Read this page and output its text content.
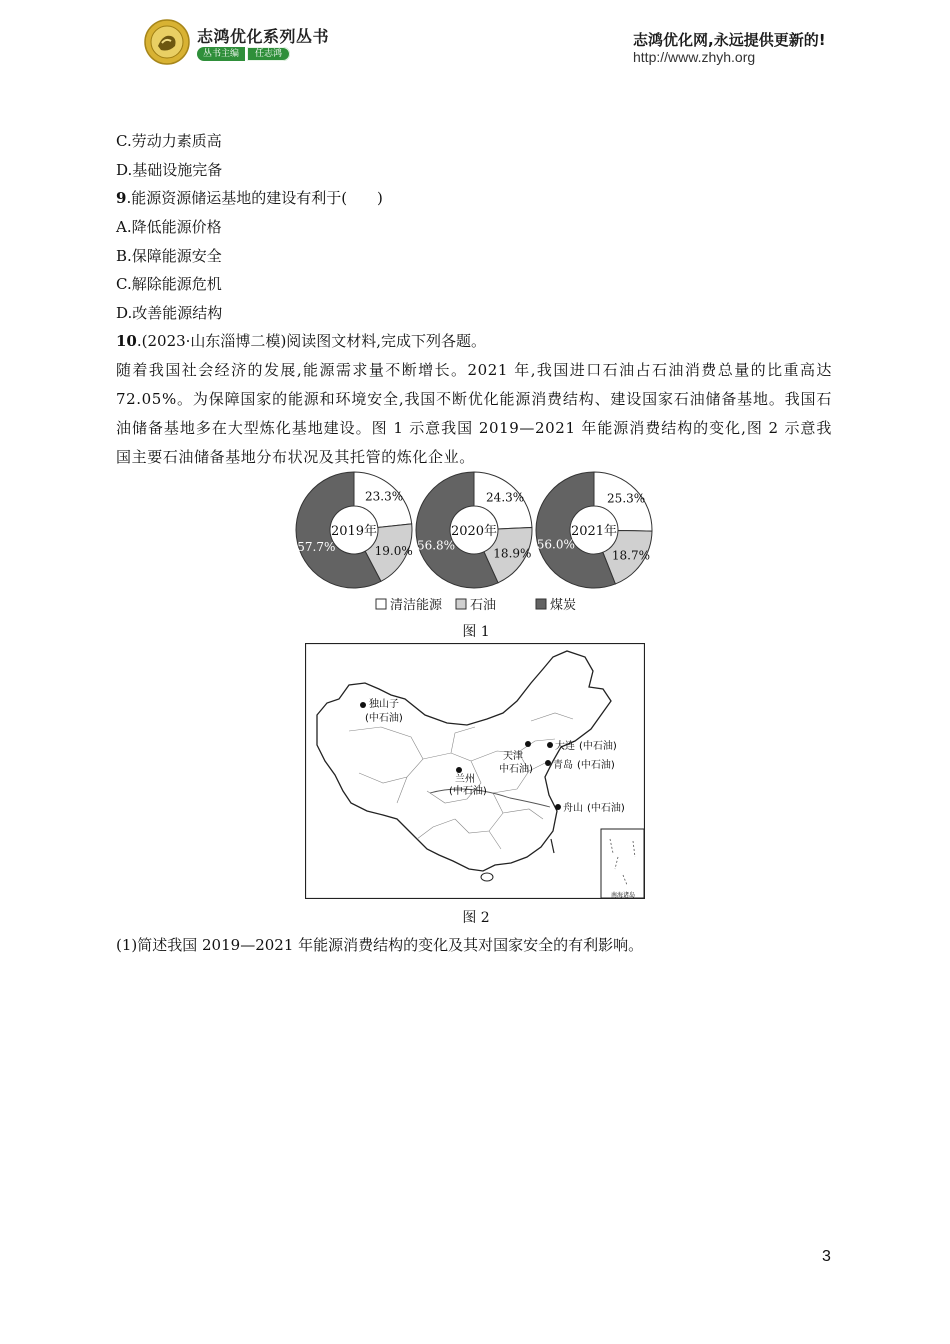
志鸿优化系列丛书
丛书主编	任志鸿
志鸿优化网,永远提供更新的!
http://www.zhyh.org
C.劳动力素质高
D.基础设施完备
9.能源资源储运基地的建设有利于(　　)
A.降低能源价格
B.保障能源安全
C.解除能源危机
D.改善能源结构
10.(2023·山东淄博二模)阅读图文材料,完成下列各题。
随着我国社会经济的发展,能源需求量不断增长。2021 年,我国进口石油占石油消费总量的比重高达 72.05%。为保障国家的能源和环境安全,我国不断优化能源消费结构、建设国家石油储备基地。我国石油储备基地多在大型炼化基地建设。图 1 示意我国 2019—2021 年能源消费结构的变化,图 2 示意我国主要石油储备基地分布状况及其托管的炼化企业。
23.3%
19.0%
57.7%
2019年
24.3%
18.9%
56.8%
2020年
25.3%
18.7%
56.0%
2021年
清洁能源 石油	煤炭
图 1
南海诸岛
独山子
(中石油)
兰州
(中石油)
天津
中石油)
大连 (中石油)
青岛 (中石油)
舟山 (中石油)
图 2
(1)简述我国 2019—2021 年能源消费结构的变化及其对国家安全的有利影响。
3
